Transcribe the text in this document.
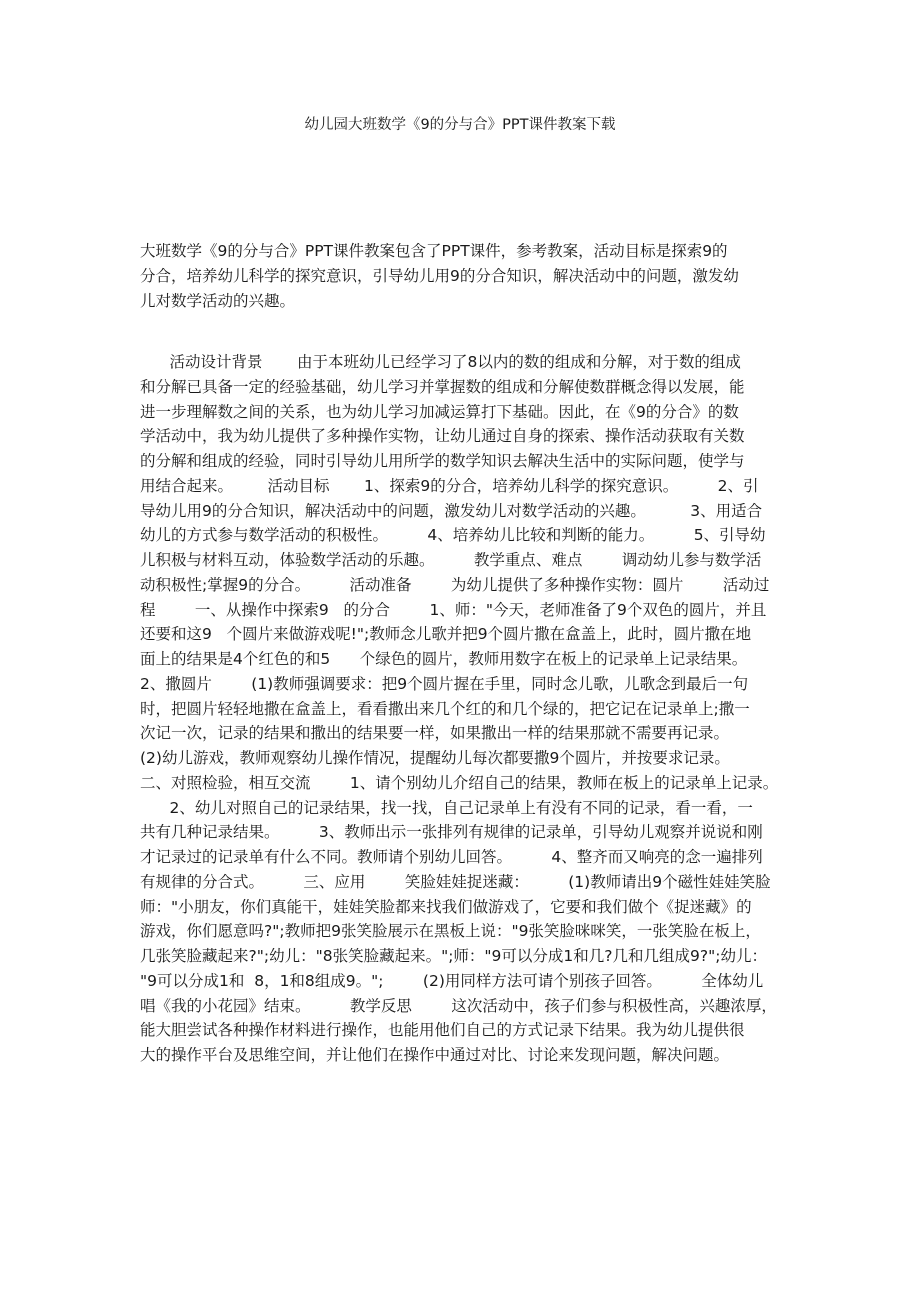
幼儿园大班数学《9的分与合》PPT课件教案下载
大班数学《9的分与合》PPT课件教案包含了PPT课件，参考教案，活动目标是探索9的
分合，培养幼儿科学的探究意识，引导幼儿用9的分合知识，解决活动中的问题，激发幼
儿对数学活动的兴趣。
活动设计背景       由于本班幼儿已经学习了8以内的数的组成和分解，对于数的组成
和分解已具备一定的经验基础，幼儿学习并掌握数的组成和分解使数群概念得以发展，能
进一步理解数之间的关系，也为幼儿学习加减运算打下基础。因此，在《9的分合》的数
学活动中，我为幼儿提供了多种操作实物，让幼儿通过自身的探索、操作活动获取有关数
的分解和组成的经验，同时引导幼儿用所学的数学知识去解决生活中的实际问题，使学与
用结合起来。       活动目标       1、探索9的分合，培养幼儿科学的探究意识。        2、引
导幼儿用9的分合知识，解决活动中的问题，激发幼儿对数学活动的兴趣。         3、用适合
幼儿的方式参与数学活动的积极性。        4、培养幼儿比较和判断的能力。        5、引导幼
儿积极与材料互动，体验数学活动的乐趣。        教学重点、难点        调动幼儿参与数学活
动积极性;掌握9的分合。        活动准备        为幼儿提供了多种操作实物：圆片        活动过
程        一、从操作中探索9   的分合        1、师："今天，老师准备了9个双色的圆片，并且
还要和这9   个圆片来做游戏呢!";教师念儿歌并把9个圆片撒在盒盖上，此时，圆片撒在地
面上的结果是4个红色的和5      个绿色的圆片，教师用数字在板上的记录单上记录结果。
2、撒圆片        (1)教师强调要求：把9个圆片握在手里，同时念儿歌，儿歌念到最后一句
时，把圆片轻轻地撒在盒盖上，看看撒出来几个红的和几个绿的，把它记在记录单上;撒一
次记一次，记录的结果和撒出的结果要一样，如果撒出一样的结果那就不需要再记录。
(2)幼儿游戏，教师观察幼儿操作情况，提醒幼儿每次都要撒9个圆片，并按要求记录。
二、对照检验，相互交流        1、请个别幼儿介绍自己的结果，教师在板上的记录单上记录。
2、幼儿对照自己的记录结果，找一找，自己记录单上有没有不同的记录，看一看，一
共有几种记录结果。        3、教师出示一张排列有规律的记录单，引导幼儿观察并说说和刚
才记录过的记录单有什么不同。教师请个别幼儿回答。        4、整齐而又响亮的念一遍排列
有规律的分合式。        三、应用        笑脸娃娃捉迷藏：        (1)教师请出9个磁性娃娃笑脸
师："小朋友，你们真能干，娃娃笑脸都来找我们做游戏了，它要和我们做个《捉迷藏》的
游戏，你们愿意吗?";教师把9张笑脸展示在黑板上说："9张笑脸咪咪笑，一张笑脸在板上，
几张笑脸藏起来?";幼儿："8张笑脸藏起来。";师："9可以分成1和几?几和几组成9?";幼儿：
"9可以分成1和  8，1和8组成9。";        (2)用同样方法可请个别孩子回答。        全体幼儿
唱《我的小花园》结束。        教学反思        这次活动中，孩子们参与积极性高，兴趣浓厚，
能大胆尝试各种操作材料进行操作，也能用他们自己的方式记录下结果。我为幼儿提供很
大的操作平台及思维空间，并让他们在操作中通过对比、讨论来发现问题，解决问题。
